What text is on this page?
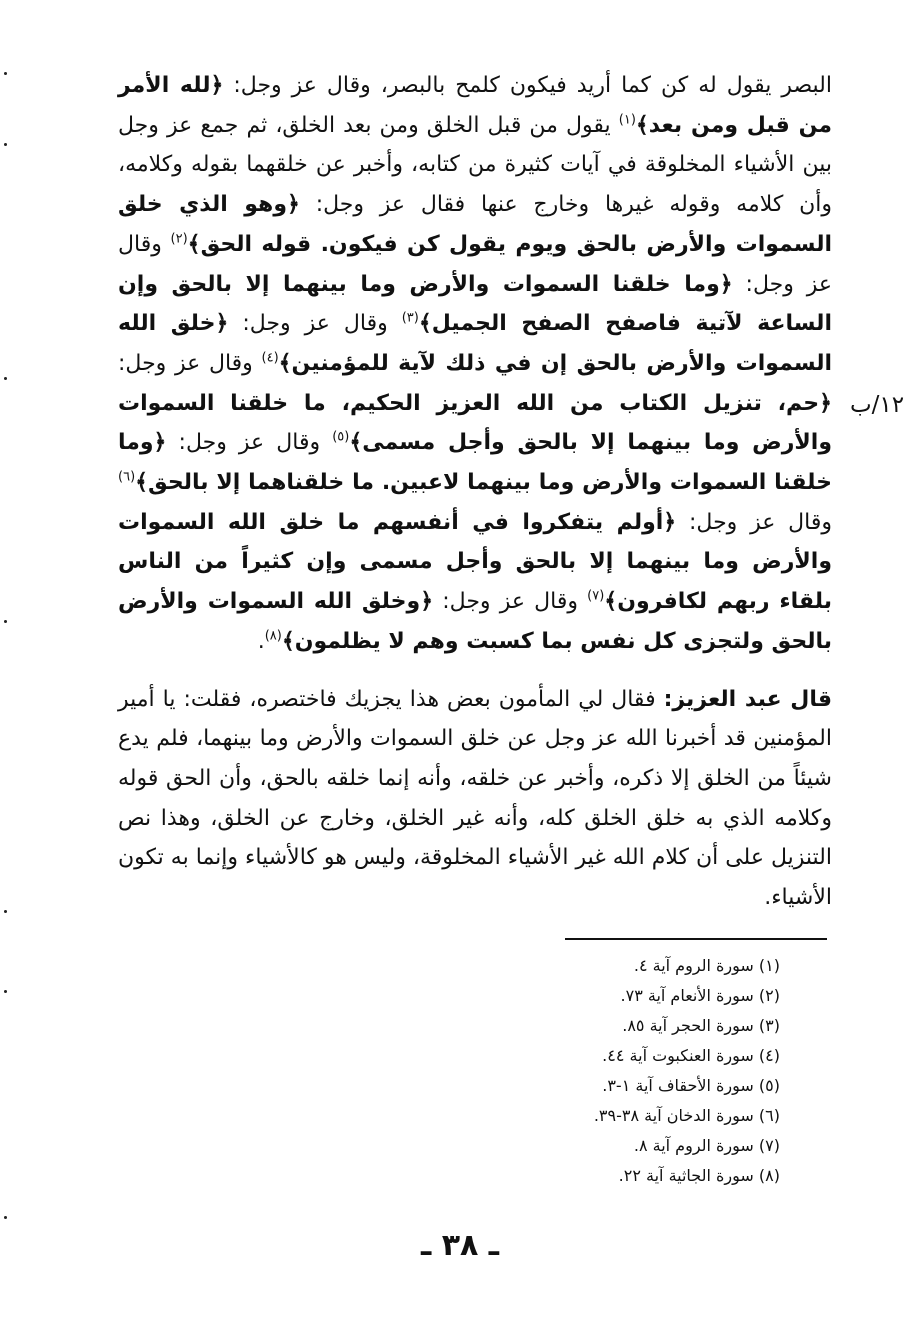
١٢/ب

البصر يقول له كن كما أريد فيكون كلمح بالبصر، وقال عز وجل: ﴿لله الأمر من قبل ومن بعد﴾$^{(١)}$ يقول من قبل الخلق ومن بعد الخلق، ثم جمع عز وجل بين الأشياء المخلوقة في آيات كثيرة من كتابه، وأخبر عن خلقهما بقوله وكلامه، وأن كلامه وقوله غيرها وخارج عنها فقال عز وجل: ﴿وهو الذي خلق السموات والأرض بالحق ويوم يقول كن فيكون. قوله الحق﴾$^{(٢)}$ وقال عز وجل: ﴿وما خلقنا السموات والأرض وما بينهما إلا بالحق وإن الساعة لآتية فاصفح الصفح الجميل﴾$^{(٣)}$ وقال عز وجل: ﴿خلق الله السموات والأرض بالحق إن في ذلك لآية للمؤمنين﴾$^{(٤)}$ وقال عز وجل: ﴿حم، تنزيل الكتاب من الله العزيز الحكيم، ما خلقنا السموات والأرض وما بينهما إلا بالحق وأجل مسمى﴾$^{(٥)}$ وقال عز وجل: ﴿وما خلقنا السموات والأرض وما بينهما لاعبين. ما خلقناهما إلا بالحق﴾$^{(٦)}$ وقال عز وجل: ﴿أولم يتفكروا في أنفسهم ما خلق الله السموات والأرض وما بينهما إلا بالحق وأجل مسمى وإن كثيراً من الناس بلقاء ربهم لكافرون﴾$^{(٧)}$ وقال عز وجل: ﴿وخلق الله السموات والأرض بالحق ولتجزى كل نفس بما كسبت وهم لا يظلمون﴾$^{(٨)}$.

قال عبد العزيز: فقال لي المأمون بعض هذا يجزيك فاختصره، فقلت: يا أمير المؤمنين قد أخبرنا الله عز وجل عن خلق السموات والأرض وما بينهما، فلم يدع شيئاً من الخلق إلا ذكره، وأخبر عن خلقه، وأنه إنما خلقه بالحق، وأن الحق قوله وكلامه الذي به خلق الخلق كله، وأنه غير الخلق، وخارج عن الخلق، وهذا نص التنزيل على أن كلام الله غير الأشياء المخلوقة، وليس هو كالأشياء وإنما به تكون الأشياء.

(١) سورة الروم آية ٤.
(٢) سورة الأنعام آية ٧٣.
(٣) سورة الحجر آية ٨٥.
(٤) سورة العنكبوت آية ٤٤.
(٥) سورة الأحقاف آية ١-٣.
(٦) سورة الدخان آية ٣٨-٣٩.
(٧) سورة الروم آية ٨.
(٨) سورة الجاثية آية ٢٢.
ـ ٣٨ ـ
